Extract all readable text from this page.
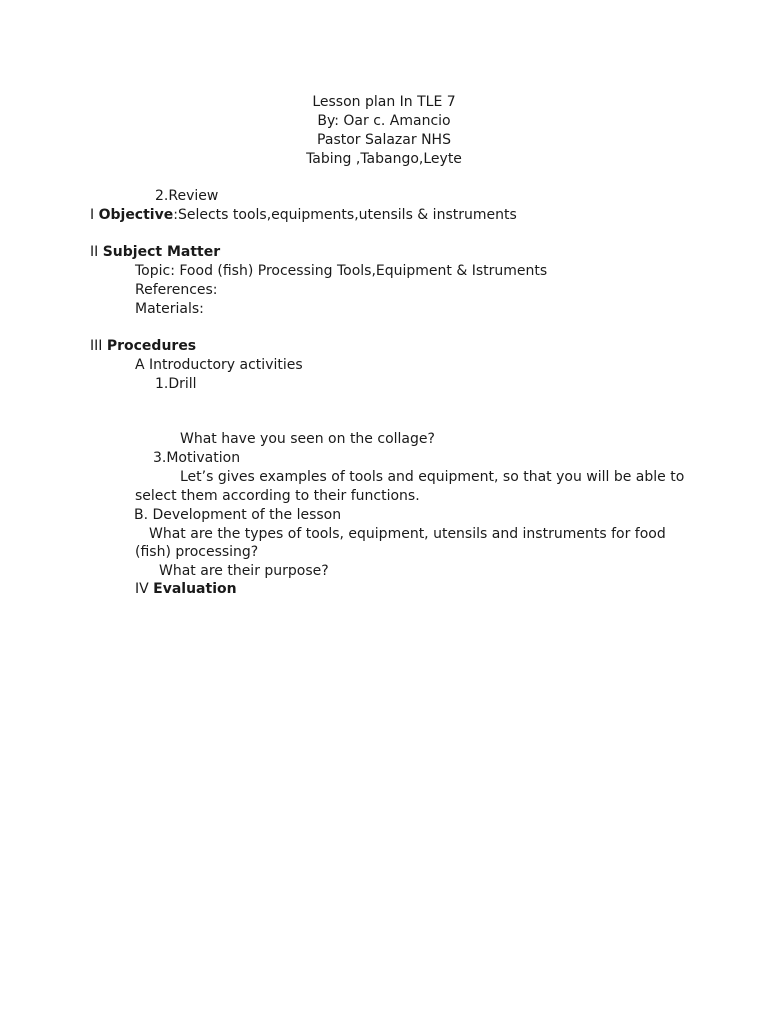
Lesson plan In TLE 7
By: Oar c. Amancio
Pastor Salazar NHS
Tabing ,Tabango,Leyte
2.Review
I Objective:Selects tools,equipments,utensils & instruments
II Subject Matter
Topic: Food (fish) Processing Tools,Equipment & Istruments
References:
Materials:
III Procedures
A Introductory activities
1.Drill
What have you seen on the collage?
3.Motivation
Let’s gives examples of tools and equipment, so that you will be able to
select them according to their functions.
B. Development of the lesson
What are the types of tools, equipment, utensils and instruments for food
(fish) processing?
What are their purpose?
IV Evaluation
